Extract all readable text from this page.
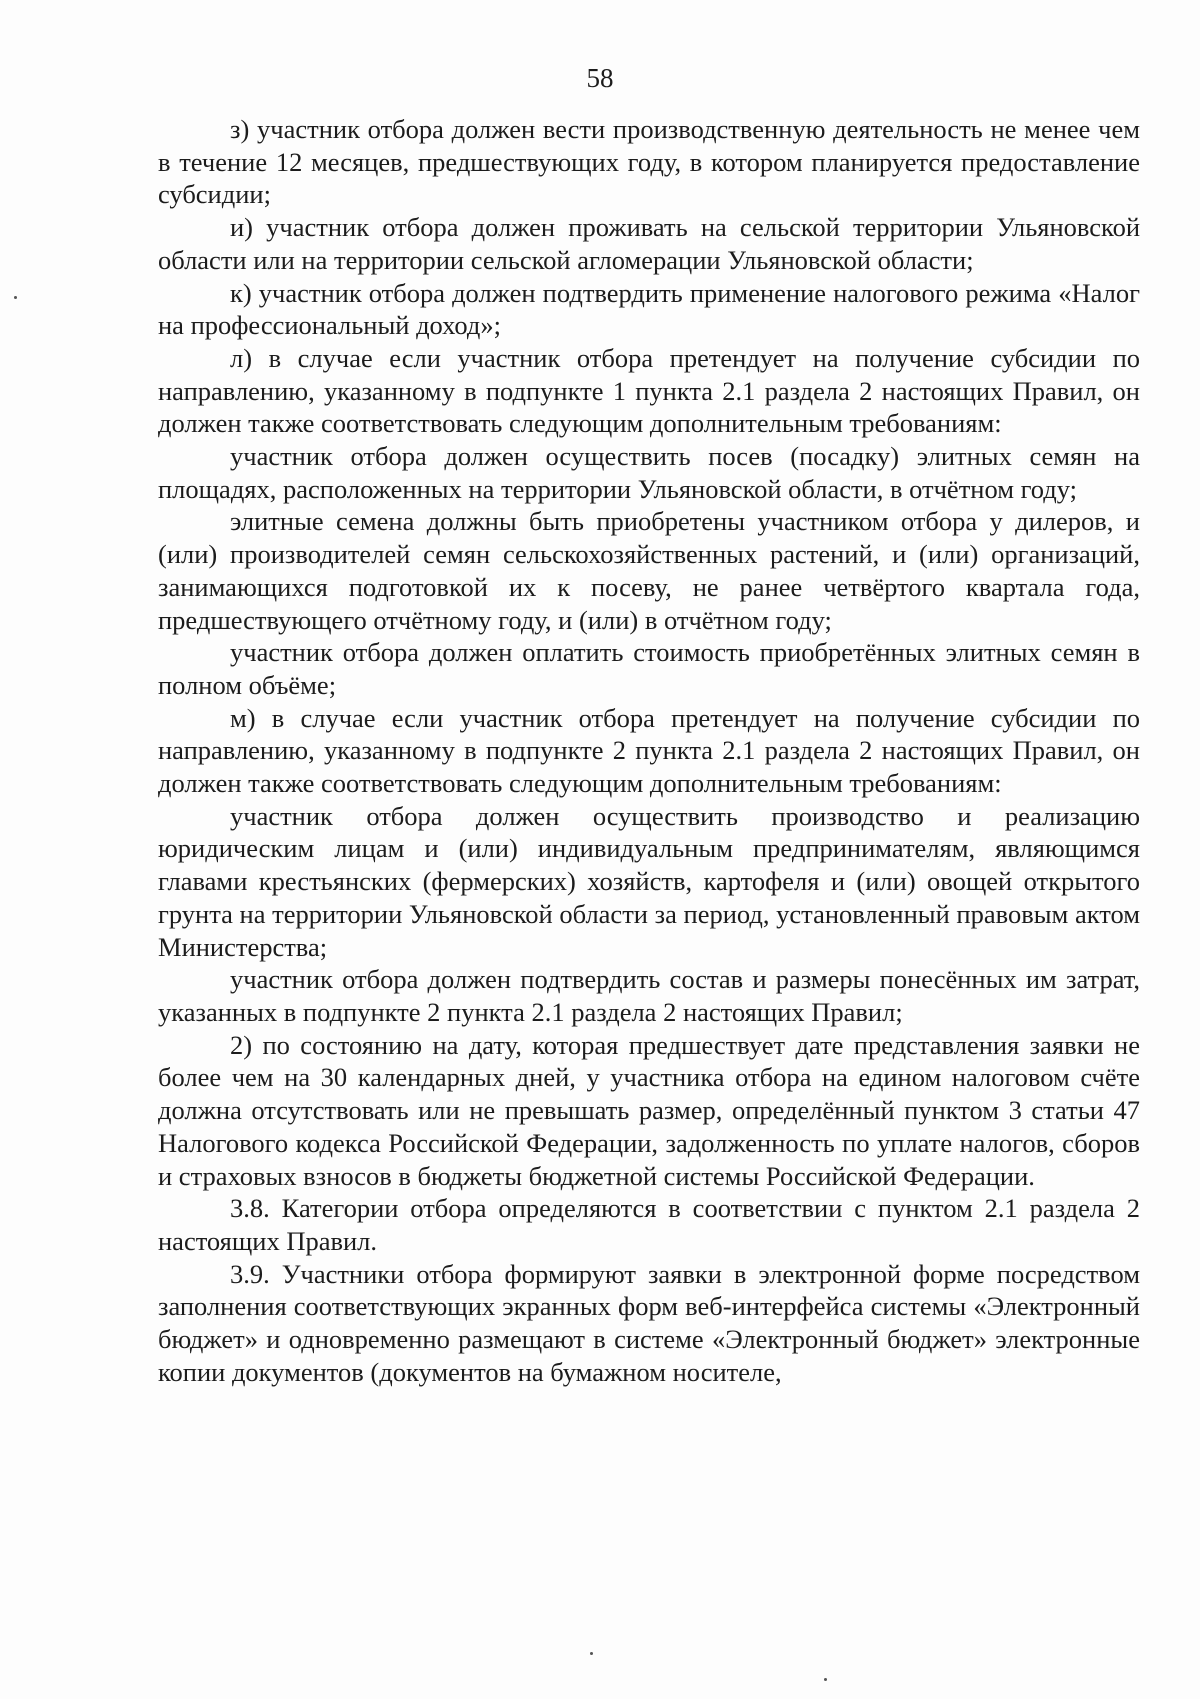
58

з) участник отбора должен вести производственную деятельность не менее чем в течение 12 месяцев, предшествующих году, в котором планируется предоставление субсидии;

и) участник отбора должен проживать на сельской территории Ульяновской области или на территории сельской агломерации Ульяновской области;

к) участник отбора должен подтвердить применение налогового режима «Налог на профессиональный доход»;

л) в случае если участник отбора претендует на получение субсидии по направлению, указанному в подпункте 1 пункта 2.1 раздела 2 настоящих Правил, он должен также соответствовать следующим дополнительным требованиям:

участник отбора должен осуществить посев (посадку) элитных семян на площадях, расположенных на территории Ульяновской области, в отчётном году;

элитные семена должны быть приобретены участником отбора у дилеров, и (или) производителей семян сельскохозяйственных растений, и (или) организаций, занимающихся подготовкой их к посеву, не ранее четвёртого квартала года, предшествующего отчётному году, и (или) в отчётном году;

участник отбора должен оплатить стоимость приобретённых элитных семян в полном объёме;

м) в случае если участник отбора претендует на получение субсидии по направлению, указанному в подпункте 2 пункта 2.1 раздела 2 настоящих Правил, он должен также соответствовать следующим дополнительным требованиям:

участник отбора должен осуществить производство и реализацию юридическим лицам и (или) индивидуальным предпринимателям, являющимся главами крестьянских (фермерских) хозяйств, картофеля и (или) овощей открытого грунта на территории Ульяновской области за период, установленный правовым актом Министерства;

участник отбора должен подтвердить состав и размеры понесённых им затрат, указанных в подпункте 2 пункта 2.1 раздела 2 настоящих Правил;

2) по состоянию на дату, которая предшествует дате представления заявки не более чем на 30 календарных дней, у участника отбора на едином налоговом счёте должна отсутствовать или не превышать размер, определённый пунктом 3 статьи 47 Налогового кодекса Российской Федерации, задолженность по уплате налогов, сборов и страховых взносов в бюджеты бюджетной системы Российской Федерации.

3.8. Категории отбора определяются в соответствии с пунктом 2.1 раздела 2 настоящих Правил.

3.9. Участники отбора формируют заявки в электронной форме посредством заполнения соответствующих экранных форм веб-интерфейса системы «Электронный бюджет» и одновременно размещают в системе «Электронный бюджет» электронные копии документов (документов на бумажном носителе,
